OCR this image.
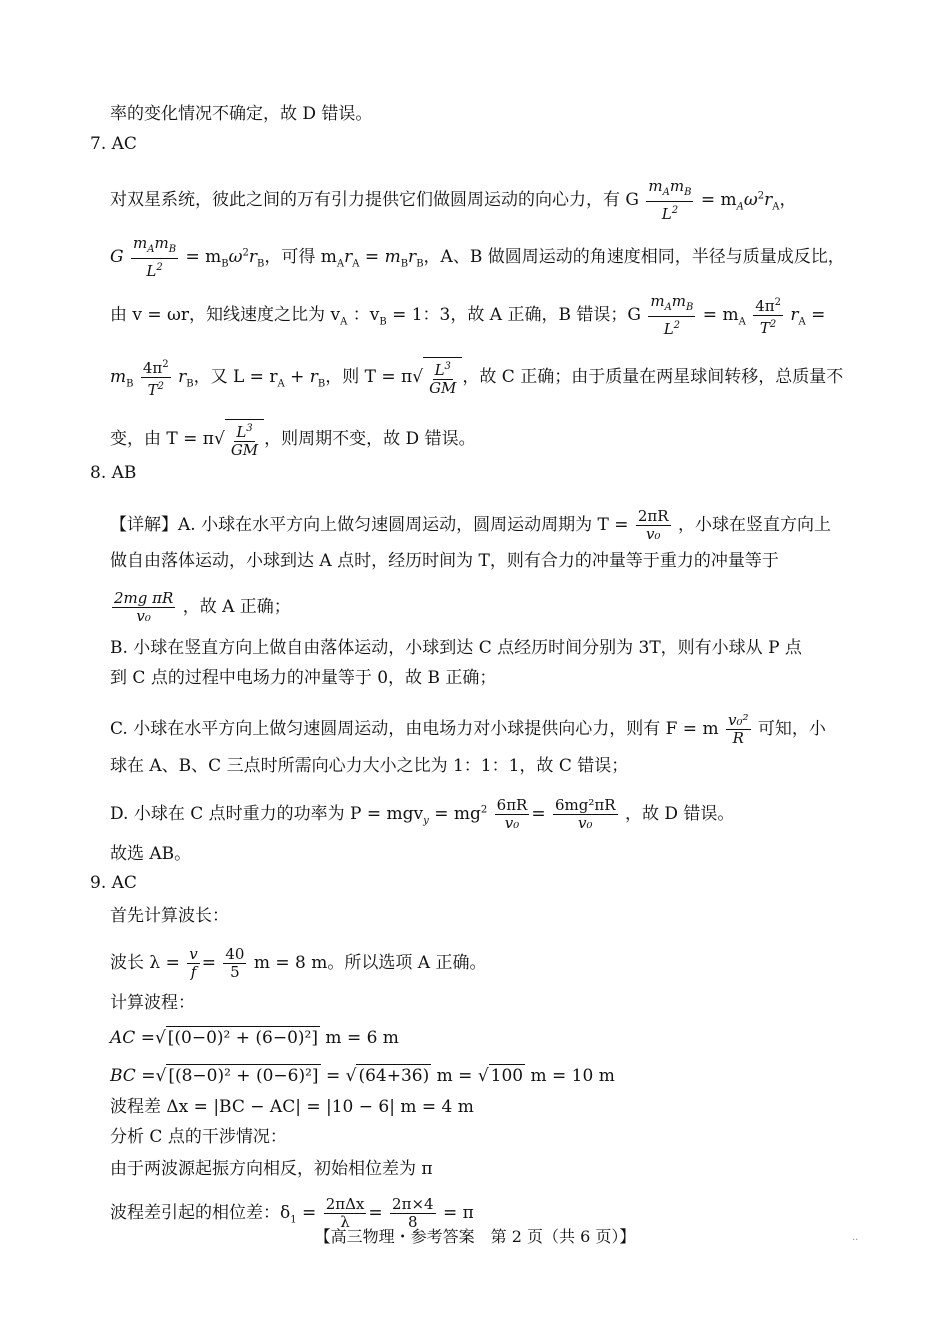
率的变化情况不确定，故 D 错误。
7. AC
对双星系统，彼此之间的万有引力提供它们做圆周运动的向心力，有 G $\frac{m_Am_B}{L^2} = m_A\omega^2r_A$，
G $\frac{m_Am_B}{L^2} = m_B\omega^2r_B$，可得 $m_Ar_A = m_Br_B$，A、B 做圆周运动的角速度相同，半径与质量成反比，
由 v = ωr，知线速度之比为 $v_A$ ：$v_B = 1$：3，故 A 正确，B 错误；G $\frac{m_Am_B}{L^2} = m_A \frac{4\pi^2}{T^2} r_A$ =
$m_B \frac{4\pi^2}{T^2} r_B$，又 $L = r_A + r_B$，则 $T = \pi√ \frac{L^3}{GM}$ ，故 C 正确；由于质量在两星球间转移，总质量不
变，由 $T = \pi√ \frac{L^3}{GM}$ ，则周期不变，故 D 错误。
8. AB
【详解】A. 小球在水平方向上做匀速圆周运动，圆周运动周期为 $T = \frac{2\pi R}{\text{v₀}}$ ，小球在竖直方向上
做自由落体运动，小球到达 A 点时，经历时间为 T，则有合力的冲量等于重力的冲量等于
$\frac{\text{2mg πR}}{\text{v₀}}$ ，故 A 正确；
B. 小球在竖直方向上做自由落体运动，小球到达 C 点经历时间分别为 3T，则有小球从 P 点
到 C 点的过程中电场力的冲量等于 0，故 B 正确；
C. 小球在水平方向上做匀速圆周运动，由电场力对小球提供向心力，则有 F = m $\frac{\text{v₀²}}{R}$ 可知，小
球在 A、B、C 三点时所需向心力大小之比为 1：1：1，故 C 错误；
D. 小球在 C 点时重力的功率为 $P = mgv_y = mg^2 \frac{6\pi R}{\text{v₀}} = \frac{\text{6mg²πR}}{\text{v₀}}$ ，故 D 错误。
故选 AB。
9. AC
首先计算波长：
波长 $\lambda = \frac{v}{f} = \frac{40}{5}$ m = 8 m。所以选项 A 正确。
计算波程：
AC =√ [(0−0)² + (6−0)²] m = 6 m
BC =√ [(8−0)² + (0−6)²] = √ (64+36) m = √ 100 m = 10 m
波程差 Δx = |BC − AC| = |10 − 6| m = 4 m
分析 C 点的干涉情况：
由于两波源起振方向相反，初始相位差为 π
波程差引起的相位差：$\delta_1 = \frac{\text{2πΔx}}{\lambda} = \frac{2\pi\times 4}{8} = \pi$
【高三物理・参考答案　第 2 页（共 6 页）】	..
